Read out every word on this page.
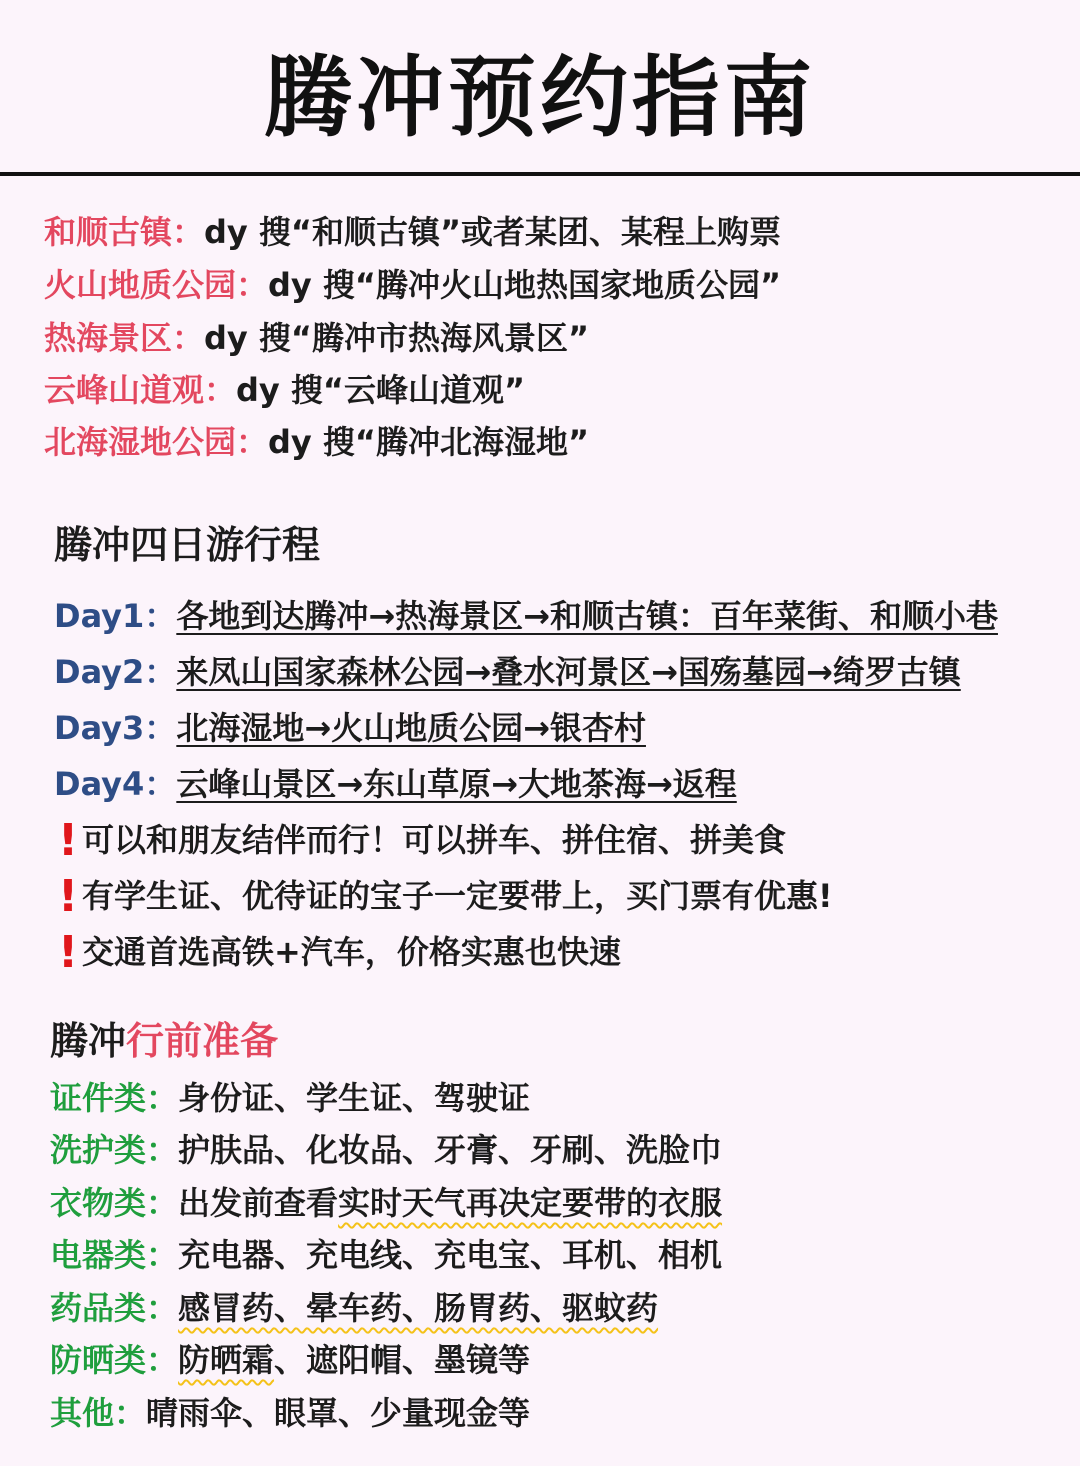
腾冲预约指南
和顺古镇：dy 搜“和顺古镇”或者某团、某程上购票
火山地质公园：dy 搜“腾冲火山地热国家地质公园”
热海景区：dy 搜“腾冲市热海风景区”
云峰山道观：dy 搜“云峰山道观”
北海湿地公园：dy 搜“腾冲北海湿地”
腾冲四日游行程
Day1：各地到达腾冲→热海景区→和顺古镇：百年菜街、和顺小巷
Day2：来凤山国家森林公园→叠水河景区→国殇墓园→绮罗古镇
Day3：北海湿地→火山地质公园→银杏村
Day4：云峰山景区→东山草原→大地茶海→返程
! 可以和朋友结伴而行！可以拼车、拼住宿、拼美食
! 有学生证、优待证的宝子一定要带上，买门票有优惠!
! 交通首选高铁+汽车，价格实惠也快速
腾冲行前准备
证件类：身份证、学生证、驾驶证
洗护类：护肤品、化妆品、牙膏、牙刷、洗脸巾
衣物类：出发前查看实时天气再决定要带的衣服
电器类：充电器、充电线、充电宝、耳机、相机
药品类：感冒药、晕车药、肠胃药、驱蚊药
防晒类：防晒霜、遮阳帽、墨镜等
其他：晴雨伞、眼罩、少量现金等
